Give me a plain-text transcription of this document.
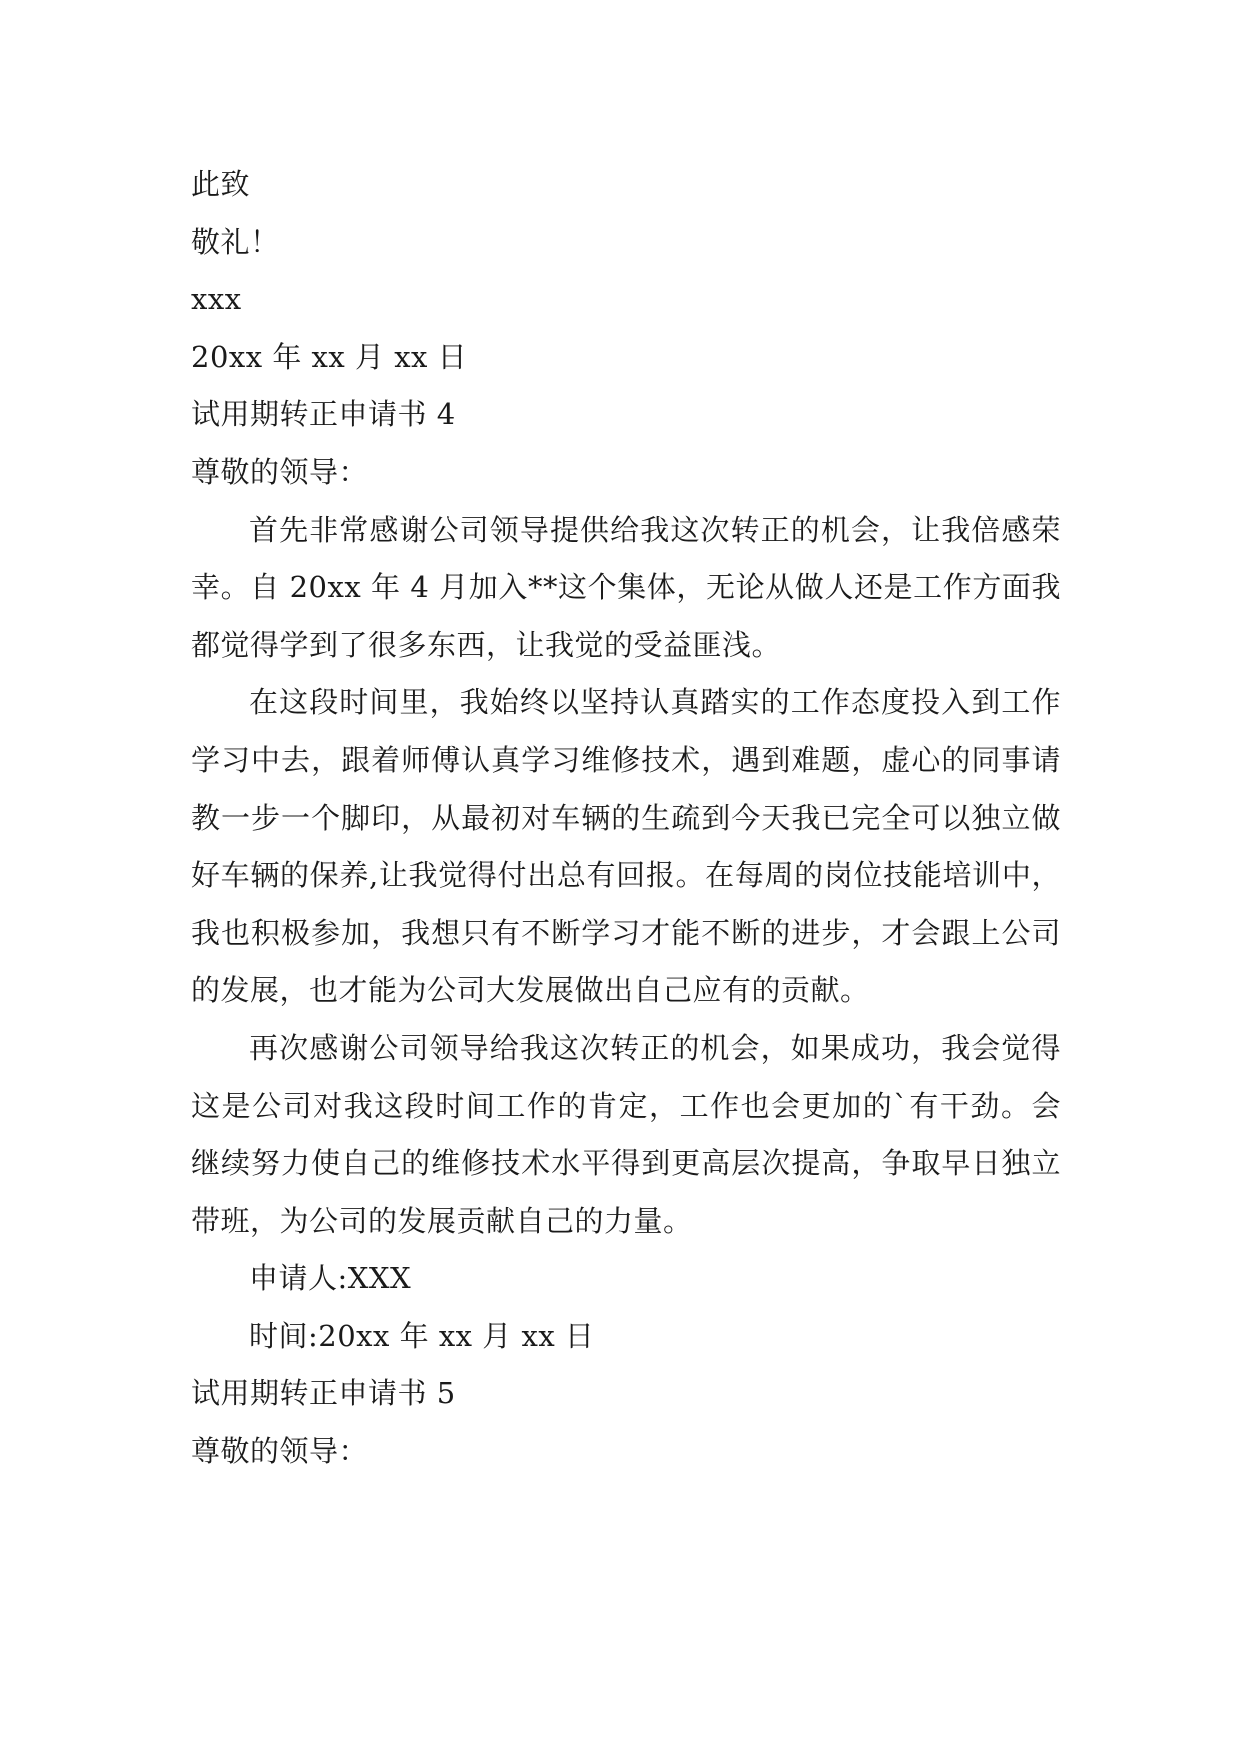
此致
敬礼！
xxx
20xx 年 xx 月 xx 日
试用期转正申请书 4
尊敬的领导：

首先非常感谢公司领导提供给我这次转正的机会，让我倍感荣幸。自 20xx 年 4 月加入**这个集体，无论从做人还是工作方面我都觉得学到了很多东西，让我觉的受益匪浅。

在这段时间里，我始终以坚持认真踏实的工作态度投入到工作学习中去，跟着师傅认真学习维修技术，遇到难题，虚心的同事请教一步一个脚印，从最初对车辆的生疏到今天我已完全可以独立做好车辆的保养,让我觉得付出总有回报。在每周的岗位技能培训中，我也积极参加，我想只有不断学习才能不断的进步，才会跟上公司的发展，也才能为公司大发展做出自己应有的贡献。

再次感谢公司领导给我这次转正的机会，如果成功，我会觉得这是公司对我这段时间工作的肯定，工作也会更加的`有干劲。会继续努力使自己的维修技术水平得到更高层次提高，争取早日独立带班，为公司的发展贡献自己的力量。

申请人:XXX
时间:20xx 年 xx 月 xx 日
试用期转正申请书 5
尊敬的领导：
